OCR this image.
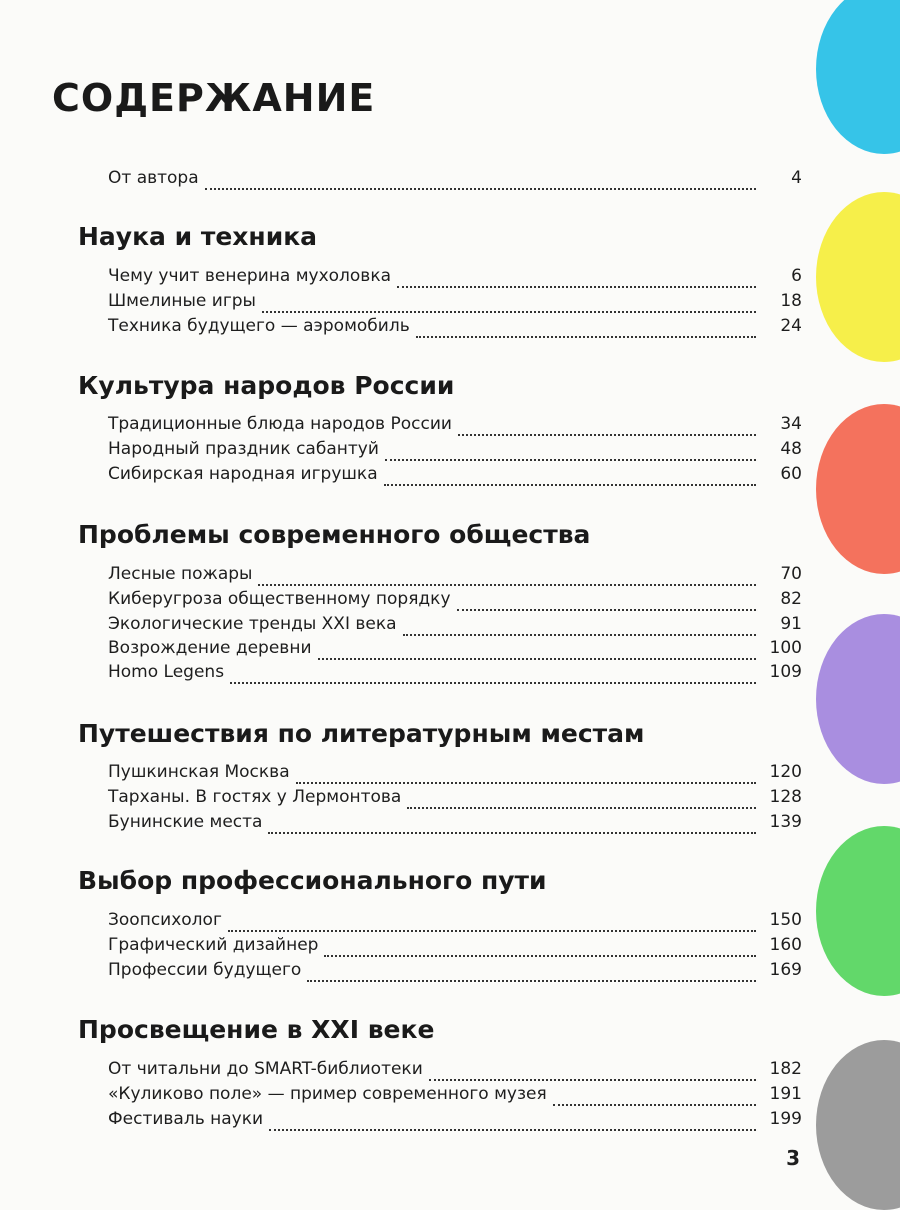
СОДЕРЖАНИЕ
От автора	4
Наука и техника
Чему учит венерина мухоловка	6
Шмелиные игры	18
Техника будущего — аэромобиль	24
Культура народов России
Традиционные блюда народов России	34
Народный праздник сабантуй	48
Сибирская народная игрушка	60
Проблемы современного общества
Лесные пожары	70
Киберугроза общественному порядку	82
Экологические тренды XXI века	91
Возрождение деревни	100
Homo Legens	109
Путешествия по литературным местам
Пушкинская Москва	120
Тарханы. В гостях у Лермонтова	128
Бунинские места	139
Выбор профессионального пути
Зоопсихолог	150
Графический дизайнер	160
Профессии будущего	169
Просвещение в XXI веке
От читальни до SMART-библиотеки	182
«Куликово поле» — пример современного музея	191
Фестиваль науки	199
3
